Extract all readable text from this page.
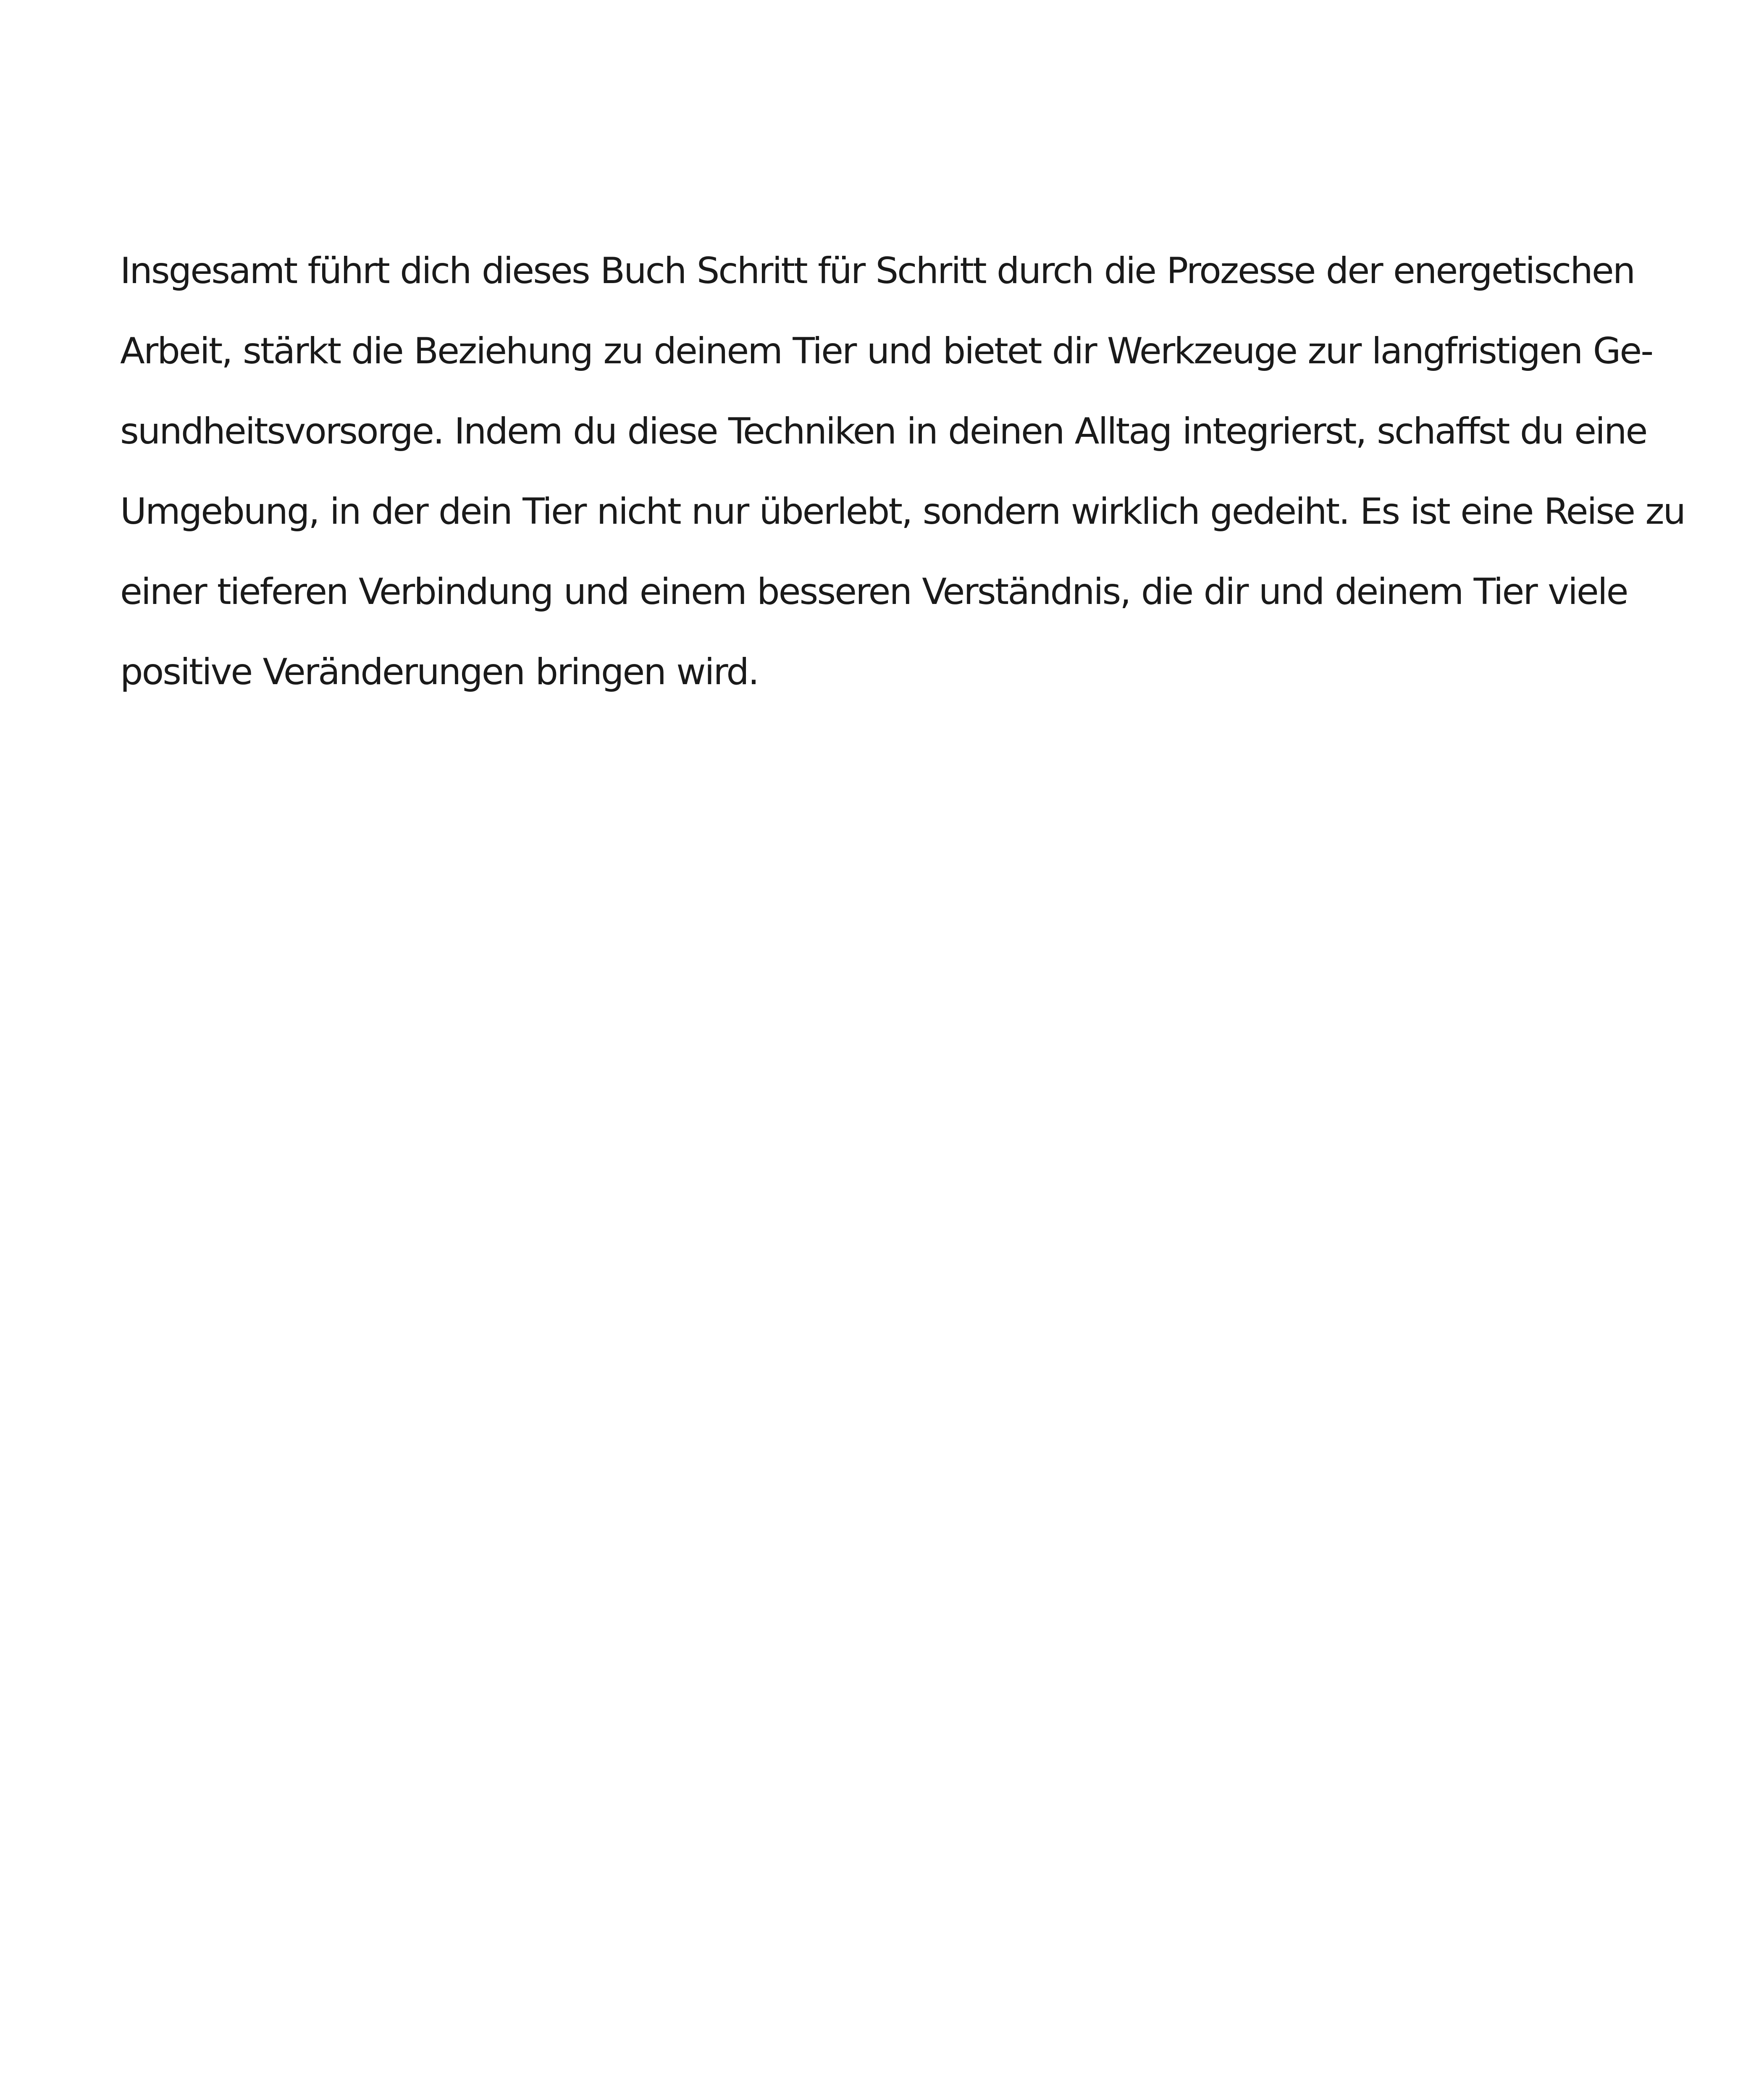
Insgesamt führt dich dieses Buch Schritt für Schritt durch die Prozesse der energetischen
Arbeit, stärkt die Beziehung zu deinem Tier und bietet dir Werkzeuge zur langfristigen Ge-
sundheitsvorsorge. Indem du diese Techniken in deinen Alltag integrierst, schaffst du eine
Umgebung, in der dein Tier nicht nur überlebt, sondern wirklich gedeiht. Es ist eine Reise zu
einer tieferen Verbindung und einem besseren Verständnis, die dir und deinem Tier viele
positive Veränderungen bringen wird.
